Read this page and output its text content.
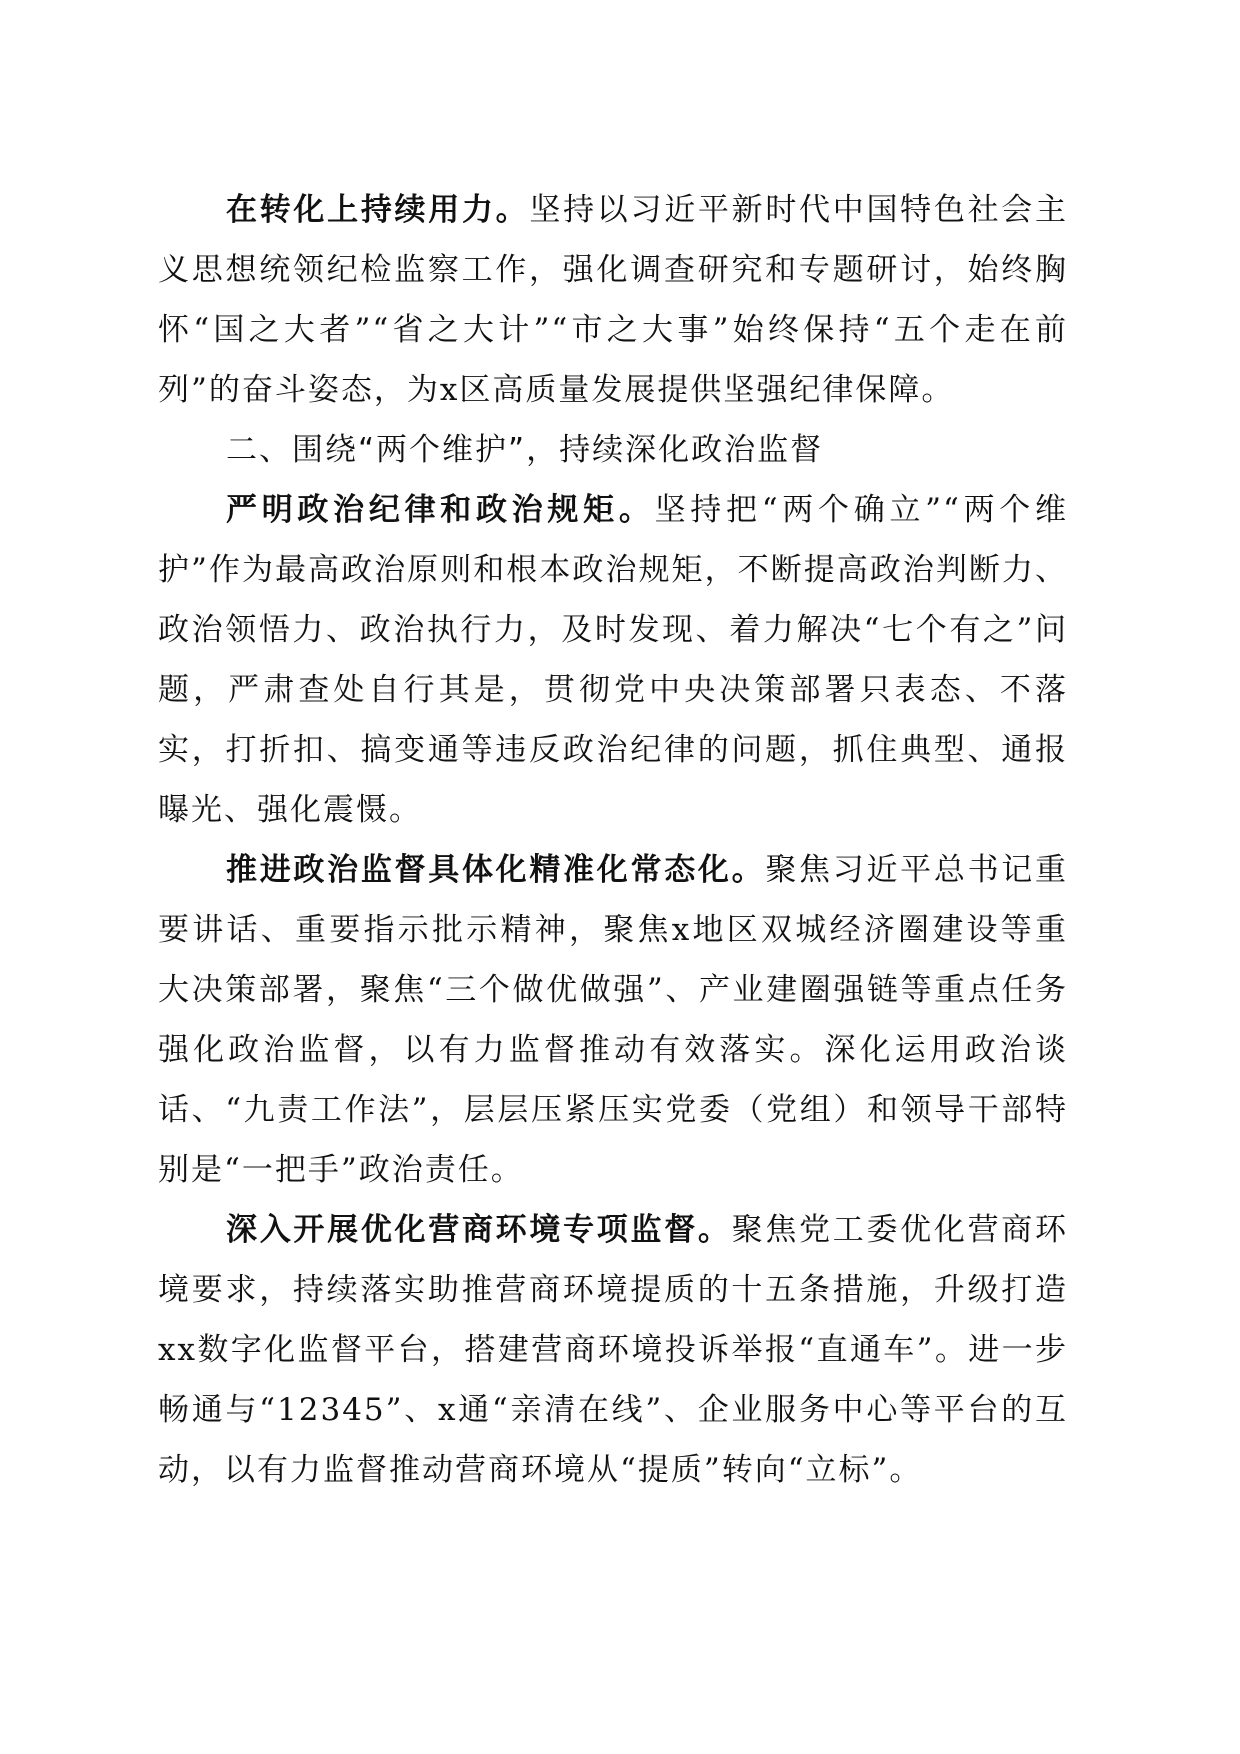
在转化上持续用力。坚持以习近平新时代中国特色社会主义思想统领纪检监察工作，强化调查研究和专题研讨，始终胸怀“国之大者”“省之大计”“市之大事”始终保持“五个走在前列”的奋斗姿态，为x区高质量发展提供坚强纪律保障。

二、围绕“两个维护”，持续深化政治监督

严明政治纪律和政治规矩。坚持把“两个确立”“两个维护”作为最高政治原则和根本政治规矩，不断提高政治判断力、政治领悟力、政治执行力，及时发现、着力解决“七个有之”问题，严肃查处自行其是，贯彻党中央决策部署只表态、不落实，打折扣、搞变通等违反政治纪律的问题，抓住典型、通报曝光、强化震慑。

推进政治监督具体化精准化常态化。聚焦习近平总书记重要讲话、重要指示批示精神，聚焦x地区双城经济圈建设等重大决策部署，聚焦“三个做优做强”、产业建圈强链等重点任务强化政治监督，以有力监督推动有效落实。深化运用政治谈话、“九责工作法”，层层压紧压实党委（党组）和领导干部特别是“一把手”政治责任。

深入开展优化营商环境专项监督。聚焦党工委优化营商环境要求，持续落实助推营商环境提质的十五条措施，升级打造xx数字化监督平台，搭建营商环境投诉举报“直通车”。进一步畅通与“12345”、x通“亲清在线”、企业服务中心等平台的互动，以有力监督推动营商环境从“提质”转向“立标”。
